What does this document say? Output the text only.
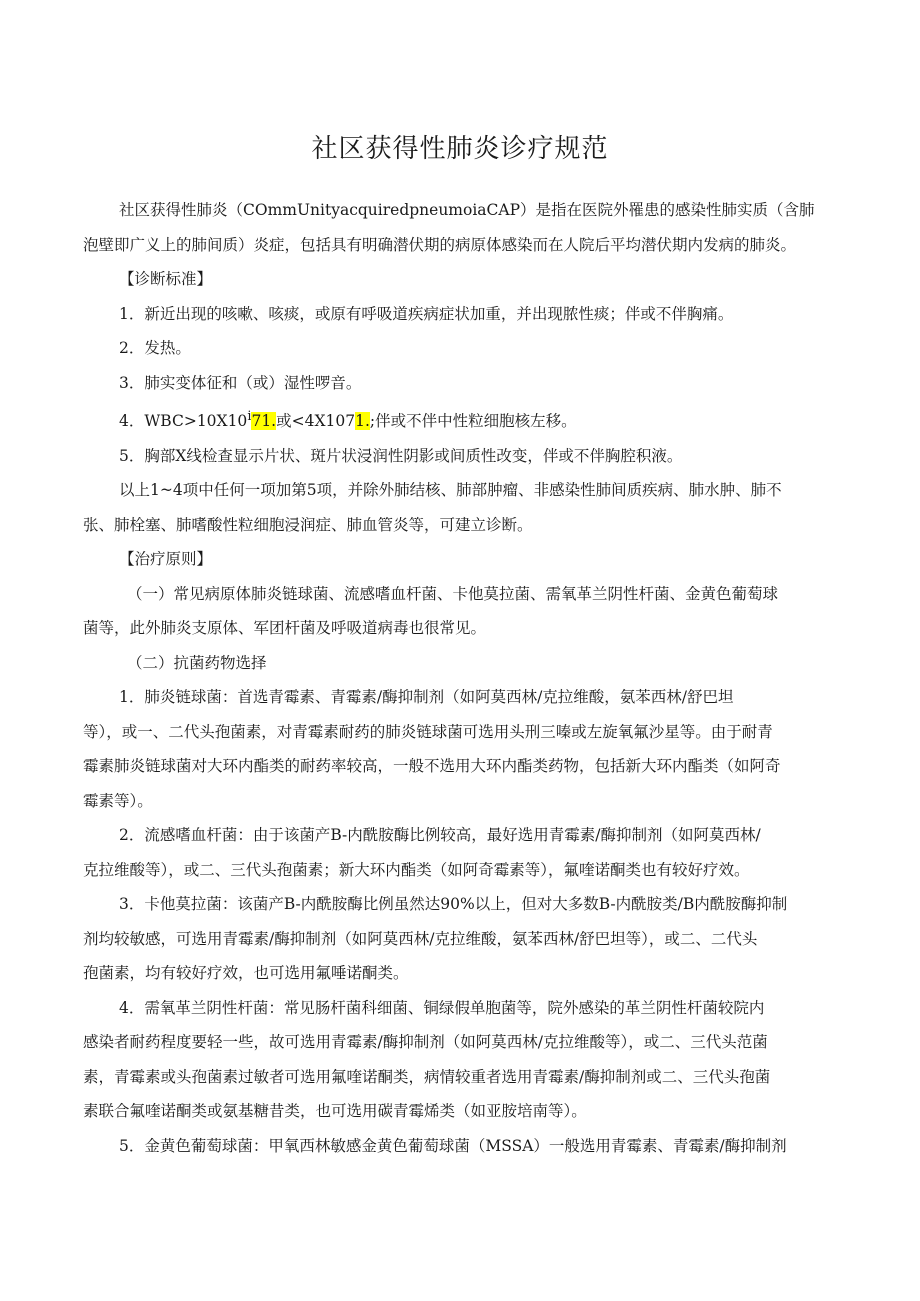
社区获得性肺炎诊疗规范

社区获得性肺炎（COmmUnityacquiredpneumoiaCAP）是指在医院外罹患的感染性肺实质（含肺

泡壁即广义上的肺间质）炎症，包括具有明确潜伏期的病原体感染而在人院后平均潜伏期内发病的肺炎。

【诊断标准】

1．新近出现的咳嗽、咳痰，或原有呼吸道疾病症状加重，并出现脓性痰；伴或不伴胸痛。

2．发热。

3．肺实变体征和（或）湿性啰音。

4．$WBC>10X10^i71$.或<4X1071.;伴或不伴中性粒细胞核左移。

5．胸部X线检查显示片状、斑片状浸润性阴影或间质性改变，伴或不伴胸腔积液。

以上1~4项中任何一项加第5项，并除外肺结核、肺部肿瘤、非感染性肺间质疾病、肺水肿、肺不

张、肺栓塞、肺嗜酸性粒细胞浸润症、肺血管炎等，可建立诊断。

【治疗原则】

（一）常见病原体肺炎链球菌、流感嗜血杆菌、卡他莫拉菌、需氧革兰阴性杆菌、金黄色葡萄球

菌等，此外肺炎支原体、军团杆菌及呼吸道病毒也很常见。

（二）抗菌药物选择

1．肺炎链球菌：首选青霉素、青霉素/酶抑制剂（如阿莫西林/克拉维酸，氨苯西林/舒巴坦

等），或一、二代头孢菌素，对青霉素耐药的肺炎链球菌可选用头刑三嗪或左旋氧氟沙星等。由于耐青

霉素肺炎链球菌对大环内酯类的耐药率较高，一般不选用大环内酯类药物，包括新大环内酯类（如阿奇

霉素等）。

2．流感嗜血杆菌：由于该菌产B-内酰胺酶比例较高，最好选用青霉素/酶抑制剂（如阿莫西林/

克拉维酸等），或二、三代头孢菌素；新大环内酯类（如阿奇霉素等），氟喹诺酮类也有较好疗效。

3．卡他莫拉菌：该菌产B-内酰胺酶比例虽然达90%以上，但对大多数B-内酰胺类/B内酰胺酶抑制

剂均较敏感，可选用青霉素/酶抑制剂（如阿莫西林/克拉维酸，氨苯西林/舒巴坦等），或二、二代头

孢菌素，均有较好疗效，也可选用氟唾诺酮类。

4．需氧革兰阴性杆菌：常见肠杆菌科细菌、铜绿假单胞菌等，院外感染的革兰阴性杆菌较院内

感染者耐药程度要轻一些，故可选用青霉素/酶抑制剂（如阿莫西林/克拉维酸等），或二、三代头范菌

素，青霉素或头孢菌素过敏者可选用氟喹诺酮类，病情较重者选用青霉素/酶抑制剂或二、三代头孢菌

素联合氟喹诺酮类或氨基糖昔类，也可选用碳青霉烯类（如亚胺培南等）。

5．金黄色葡萄球菌：甲氧西林敏感金黄色葡萄球菌（MSSA）一般选用青霉素、青霉素/酶抑制剂
